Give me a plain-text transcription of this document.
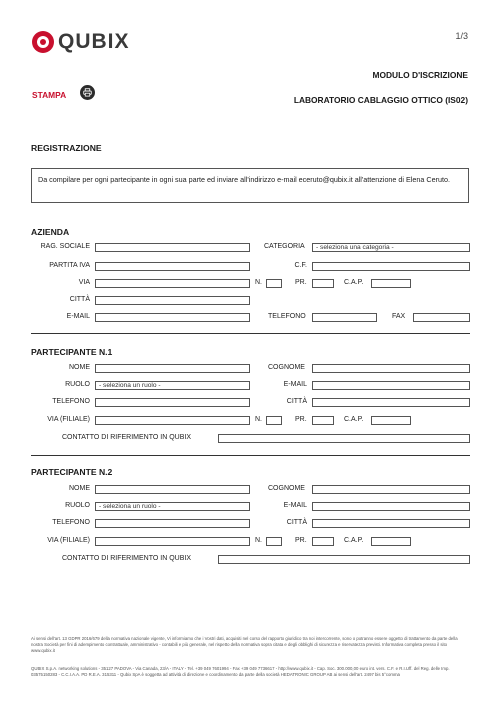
QUBIX	1/3
MODULO D'ISCRIZIONE
LABORATORIO CABLAGGIO OTTICO (IS02)
STAMPA
REGISTRAZIONE
Da compilare per ogni partecipante in ogni sua parte ed inviare all'indirizzo e-mail eceruto@qubix.it all'attenzione di Elena Ceruto.
AZIENDA
RAG. SOCIALE	CATEGORIA	- seleziona una categoria -
PARTITA IVA	C.F.
VIA	N.	PR.	C.A.P.
CITTÀ
E-MAIL	TELEFONO	FAX
PARTECIPANTE N.1
NOME	COGNOME
RUOLO	- seleziona un ruolo -	E-MAIL
TELEFONO	CITTÀ
VIA (FILIALE)	N.	PR.	C.A.P.
CONTATTO DI RIFERIMENTO IN QUBIX
PARTECIPANTE N.2
NOME	COGNOME
RUOLO	- seleziona un ruolo -	E-MAIL
TELEFONO	CITTÀ
VIA (FILIALE)	N.	PR.	C.A.P.
CONTATTO DI RIFERIMENTO IN QUBIX
Ai sensi dell'art. 13 GDPR 2016/679 della normativa nazionale vigente, Vi informiamo che i Vostri dati, acquisiti nel corso del rapporto giuridico tra noi intercorrente, sono o potranno essere oggetto di trattamento da parte della nostra Società per fini di adempimento contrattuale, amministrativo - contabili e più generale, nel rispetto della normativa sopra citata e degli obblighi di sicurezza e riservatezza previsti. Informativa completa presso il sito www.qubix.it
QUBIX S.p.A. networking solutions - 35127 PADOVA - Via Canada, 23/A - ITALY - Tel. +39 049 7601994 - Fax +39 049 7736617 - http://www.qubix.it - Cap. Soc. 300.000,00 euro int. vers. C.F. e R.I.Uff. del Reg. delle Imp. 03575150283 - C.C.I.A.A. PD R.E.A. 315311 - Qubix SpA è soggetta ad attività di direzione e coordinamento da parte della società HEDATRONIC GROUP AB ai sensi dell'art. 2497 bis 5°comma
